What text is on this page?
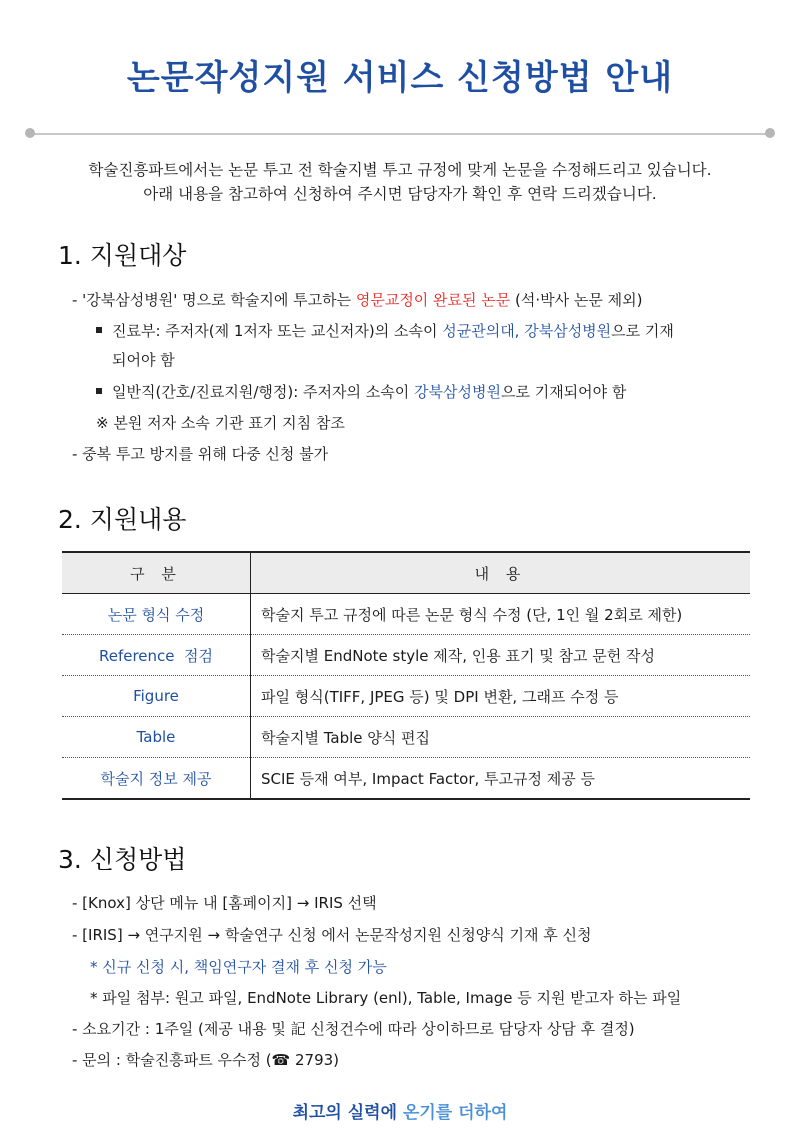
논문작성지원 서비스 신청방법 안내
학술진흥파트에서는 논문 투고 전 학술지별 투고 규정에 맞게 논문을 수정해드리고 있습니다.
아래 내용을 참고하여 신청하여 주시면 담당자가 확인 후 연락 드리겠습니다.
1. 지원대상
- '강북삼성병원' 명으로 학술지에 투고하는 영문교정이 완료된 논문 (석·박사 논문 제외)
진료부: 주저자(제 1저자 또는 교신저자)의 소속이 성균관의대, 강북삼성병원으로 기재
되어야 함
일반직(간호/진료지원/행정): 주저자의 소속이 강북삼성병원으로 기재되어야 함
※ 본원 저자 소속 기관 표기 지침 참조
- 중복 투고 방지를 위해 다중 신청 불가
2. 지원내용
구 분	내 용
논문 형식 수정	학술지 투고 규정에 따른 논문 형식 수정 (단, 1인 월 2회로 제한)
Reference  점검	학술지별 EndNote style 제작, 인용 표기 및 참고 문헌 작성
Figure	파일 형식(TIFF, JPEG 등) 및 DPI 변환, 그래프 수정 등
Table	학술지별 Table 양식 편집
학술지 정보 제공	SCIE 등재 여부, Impact Factor, 투고규정 제공 등
3. 신청방법
- [Knox] 상단 메뉴 내 [홈페이지] → IRIS 선택
- [IRIS] → 연구지원 → 학술연구 신청 에서 논문작성지원 신청양식 기재 후 신청
* 신규 신청 시, 책임연구자 결재 후 신청 가능
* 파일 첨부: 원고 파일, EndNote Library (enl), Table, Image 등 지원 받고자 하는 파일
- 소요기간 : 1주일 (제공 내용 및 記 신청건수에 따라 상이하므로 담당자 상담 후 결정)
- 문의 : 학술진흥파트 우수정 (☎ 2793)
최고의 실력에 온기를 더하여
